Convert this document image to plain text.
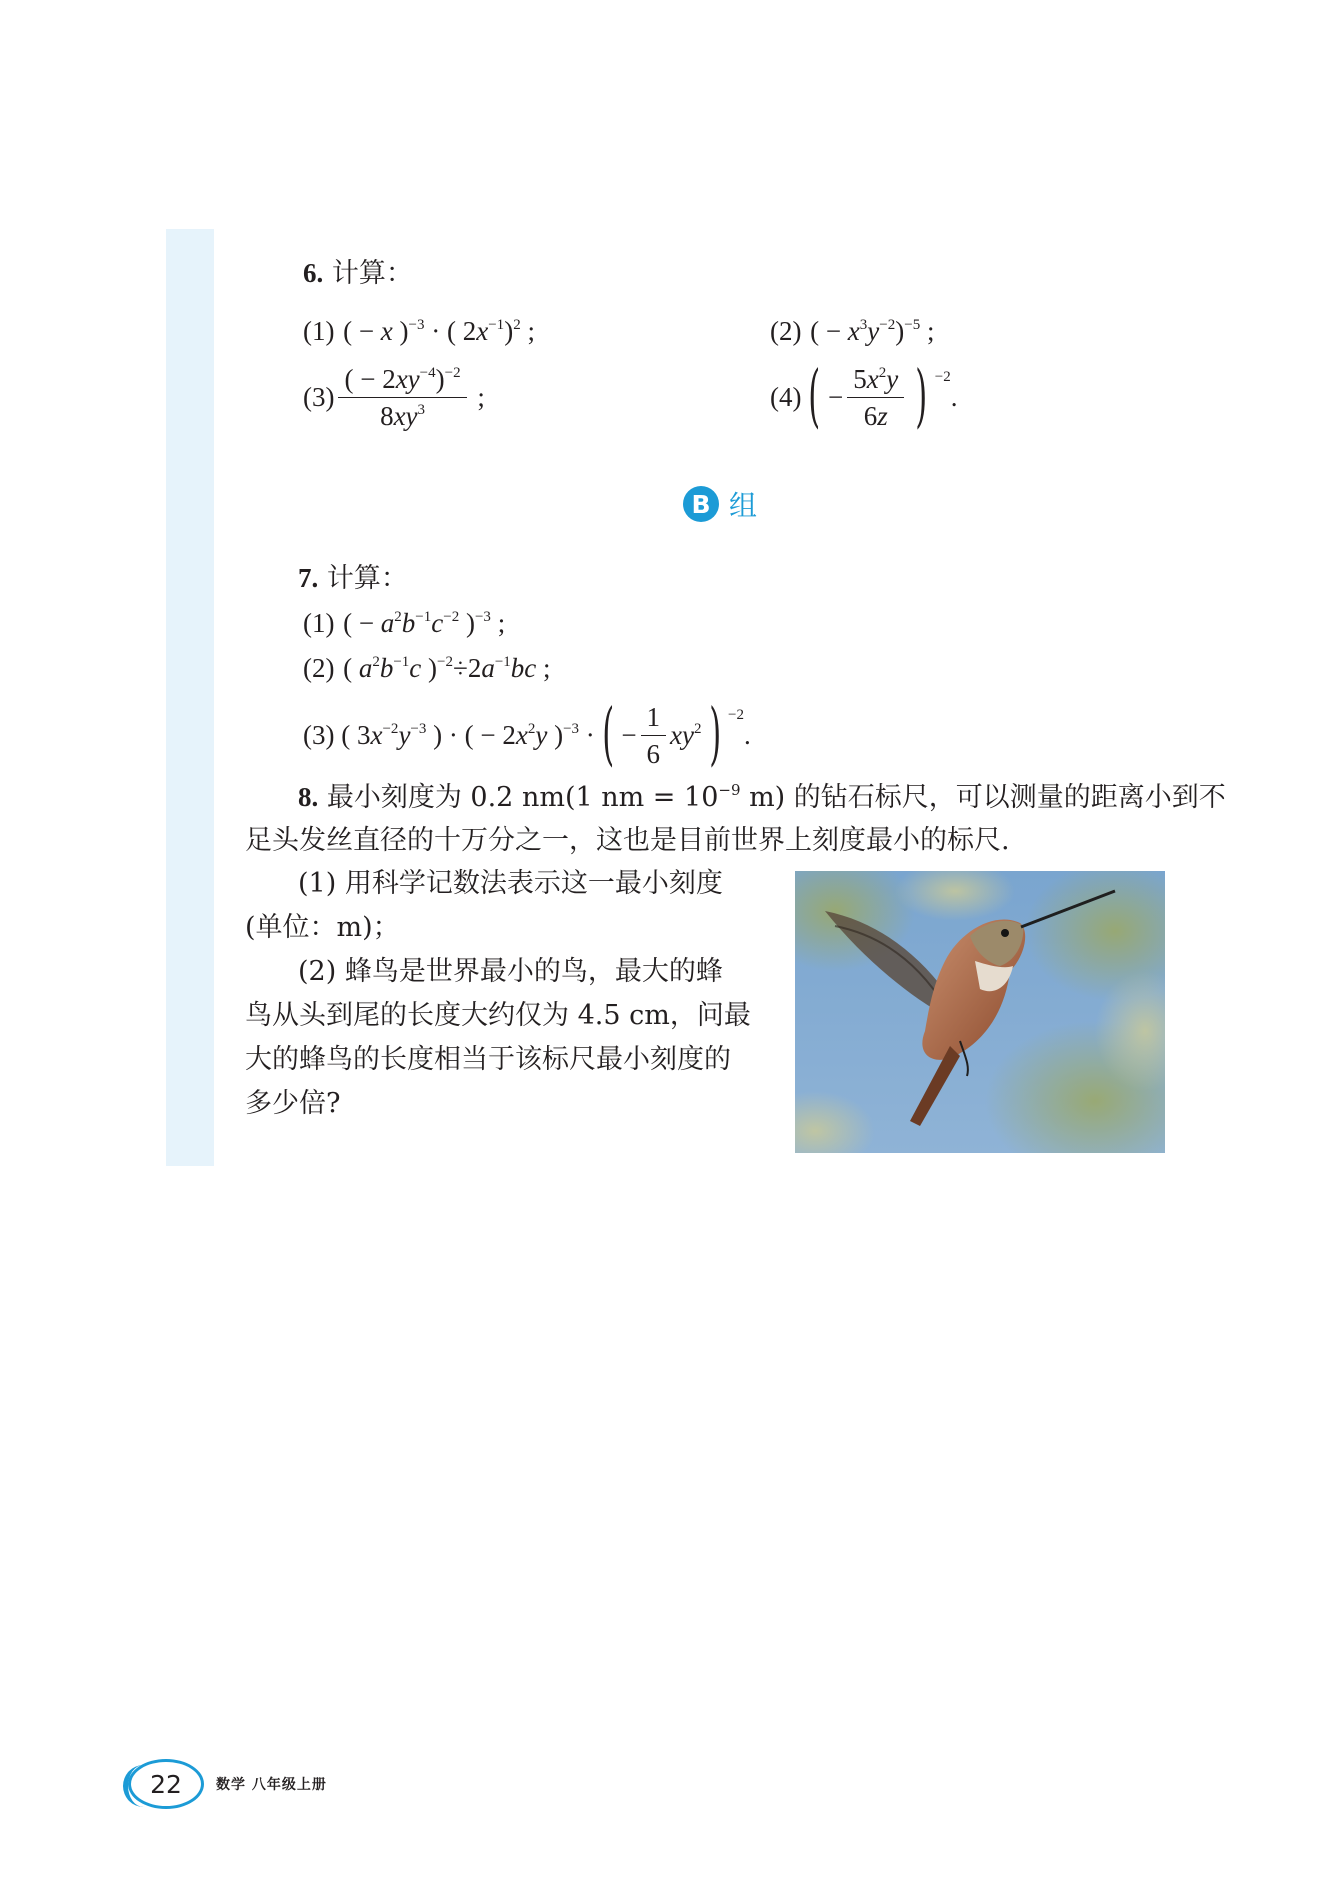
6. 计算：
(1) ( − x )$^{-3}$ · ( $2x^{-1})^2$ ;	(2) ( − $x^3y^{-2})^{-5}$ ;
$(3) \frac{( - 2xy^{-4})^{-2}}{8xy^3}$ ;	(4) ( − $\frac{5x^2y}{6z}$ ) −2
.
B 组
7. 计算：
(1) ( − $a^2b^{-1}c^{-2}$ )$^{-3}$ ;
(2) ( $a^2b^{-1}c$ )$^{-2}\div 2a^{-1}bc$ ;
(3) ( $3x^{-2}y^{-3}$ ) · ( − $2x^2y$ )$^{-3}$ · ( − $\frac{1}{6} xy^2$ ) −2
.
8. 最小刻度为 0.2 nm(1 nm = $10^{-9}$ m) 的钻石标尺，可以测量的距离小到不
足头发丝直径的十万分之一，这也是目前世界上刻度最小的标尺.
(1) 用科学记数法表示这一最小刻度
(单位：m)；
(2) 蜂鸟是世界最小的鸟，最大的蜂
鸟从头到尾的长度大约仅为 4.5 cm，问最
大的蜂鸟的长度相当于该标尺最小刻度的
多少倍?
22 数学 八年级上册
